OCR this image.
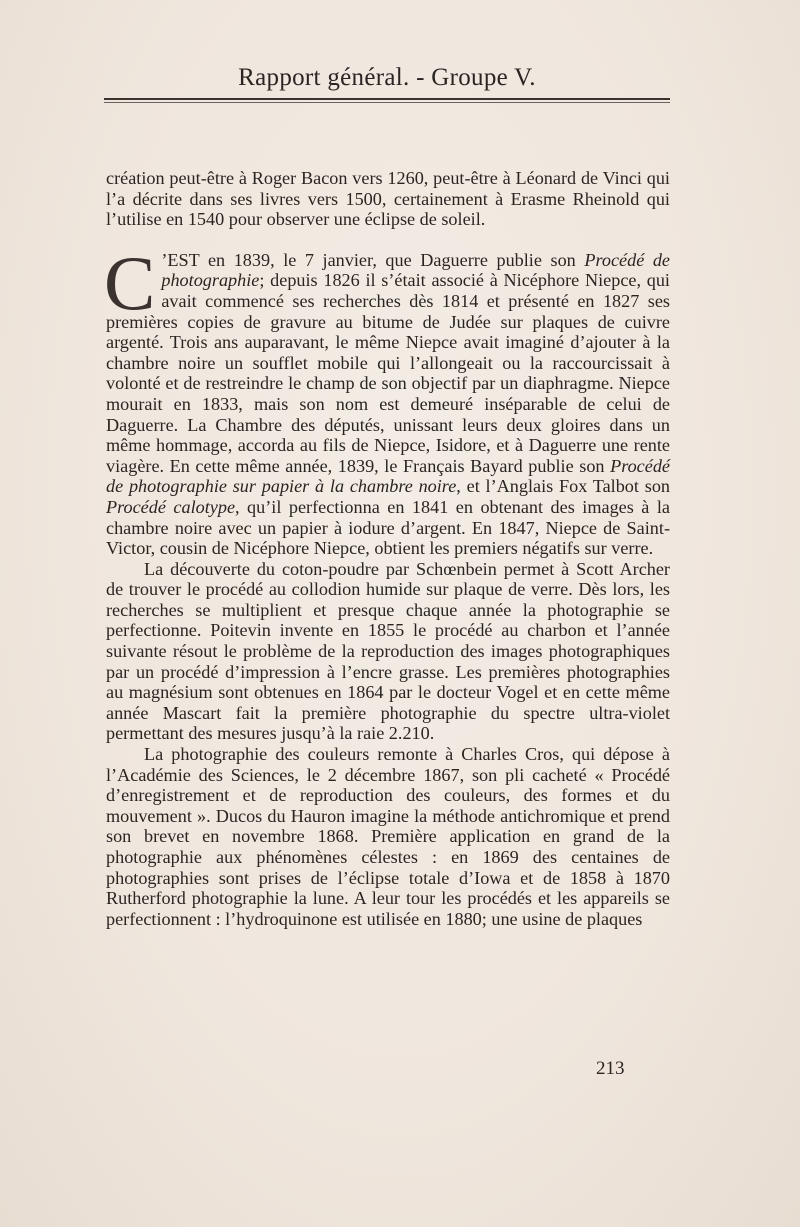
Rapport général. - Groupe V.

création peut-être à Roger Bacon vers 1260, peut-être à Léonard de Vinci qui l’a décrite dans ses livres vers 1500, certainement à Erasme Rheinold qui l’utilise en 1540 pour observer une éclipse de soleil.

C ’EST en 1839, le 7 janvier, que Daguerre publie son Procédé de photographie; depuis 1826 il s’était associé à Nicéphore Niepce, qui avait commencé ses recherches dès 1814 et présenté en 1827 ses premières copies de gravure au bitume de Judée sur plaques de cuivre argenté. Trois ans auparavant, le même Niepce avait imaginé d’ajouter à la chambre noire un soufflet mobile qui l’allongeait ou la raccourcissait à volonté et de restreindre le champ de son objectif par un diaphragme. Niepce mourait en 1833, mais son nom est demeuré inséparable de celui de Daguerre. La Chambre des députés, unissant leurs deux gloires dans un même hommage, accorda au fils de Niepce, Isidore, et à Daguerre une rente viagère. En cette même année, 1839, le Français Bayard publie son Procédé de photographie sur papier à la chambre noire, et l’Anglais Fox Talbot son Procédé calotype, qu’il perfectionna en 1841 en obtenant des images à la chambre noire avec un papier à iodure d’argent. En 1847, Niepce de Saint-Victor, cousin de Nicéphore Niepce, obtient les premiers négatifs sur verre.

La découverte du coton-poudre par Schœnbein permet à Scott Archer de trouver le procédé au collodion humide sur plaque de verre. Dès lors, les recherches se multiplient et presque chaque année la photographie se perfectionne. Poitevin invente en 1855 le procédé au charbon et l’année suivante résout le problème de la reproduction des images photographiques par un procédé d’impression à l’encre grasse. Les premières photographies au magnésium sont obtenues en 1864 par le docteur Vogel et en cette même année Mascart fait la première photographie du spectre ultra-violet permettant des mesures jusqu’à la raie 2.210.

La photographie des couleurs remonte à Charles Cros, qui dépose à l’Académie des Sciences, le 2 décembre 1867, son pli cacheté « Procédé d’enregistrement et de reproduction des couleurs, des formes et du mouvement ». Ducos du Hauron imagine la méthode antichromique et prend son brevet en novembre 1868. Première application en grand de la photographie aux phénomènes célestes : en 1869 des centaines de photographies sont prises de l’éclipse totale d’Iowa et de 1858 à 1870 Rutherford photographie la lune. A leur tour les procédés et les appareils se perfectionnent : l’hydroquinone est utilisée en 1880; une usine de plaques

213
